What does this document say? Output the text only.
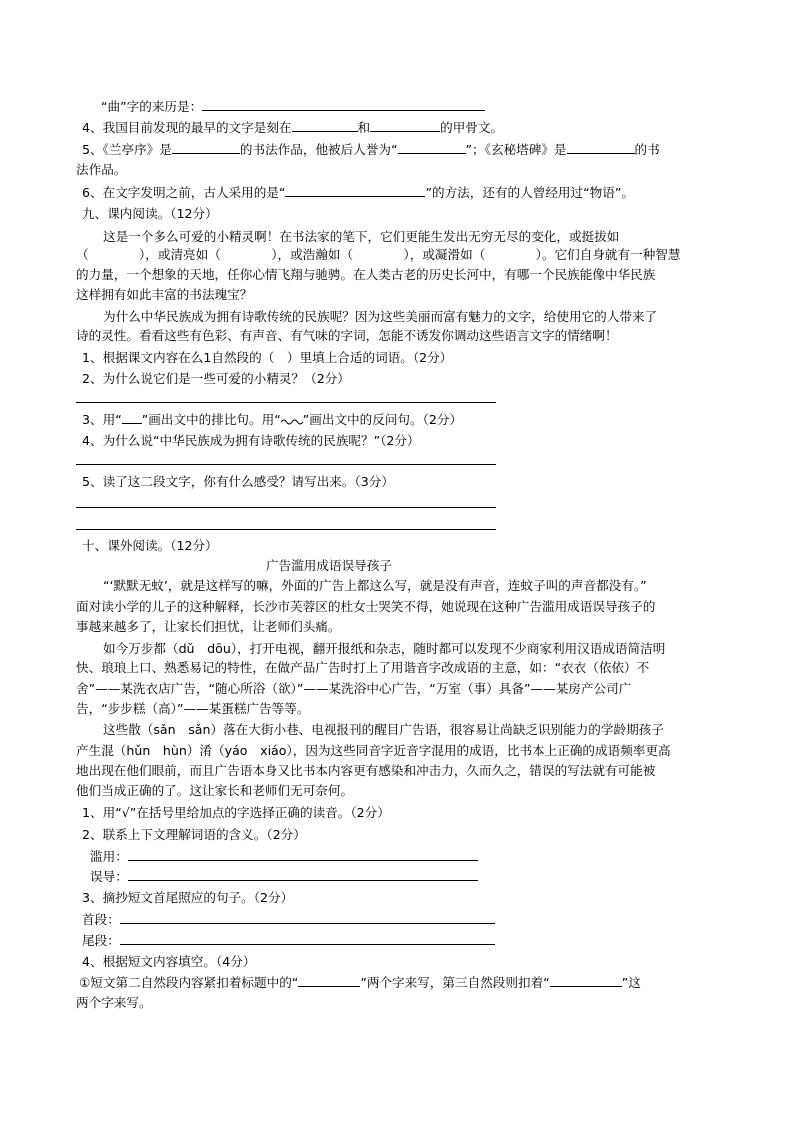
“曲”字的来历是：
4、我国目前发现的最早的文字是刻在	和	的甲骨文。
5、《兰亭序》是	的书法作品，他被后人誉为“	”；《玄秘塔碑》是	的书
法作品。
6、在文字发明之前，古人采用的是“	”的方法，还有的人曾经用过“物语”。
九、课内阅读。（12分）
这是一个多么可爱的小精灵啊！在书法家的笔下，它们更能生发出无穷无尽的变化，或挺拔如
（　　　　），或清亮如（　　　　），或浩瀚如（　　　　），或凝滑如（　　　　）。它们自身就有一种智慧
的力量，一个想象的天地，任你心情飞翔与驰骋。在人类古老的历史长河中，有哪一个民族能像中华民族
这样拥有如此丰富的书法瑰宝？
为什么中华民族成为拥有诗歌传统的民族呢？因为这些美丽而富有魅力的文字，给使用它的人带来了
诗的灵性。看看这些有色彩、有声音、有气味的字词，怎能不诱发你调动这些语言文字的情绪啊！
1、根据课文内容在么1自然段的（　）里填上合适的词语。（2分）
2、为什么说它们是一些可爱的小精灵？（2分）
3、用“ ”画出文中的排比句。用“ ”画出文中的反问句。（2分）
4、为什么说“中华民族成为拥有诗歌传统的民族呢？”（2分）
5、读了这二段文字，你有什么感受？请写出来。（3分）
十、课外阅读。（12分）
广告滥用成语误导孩子
“‘默默无蚊’，就是这样写的嘛，外面的广告上都这么写，就是没有声音，连蚊子叫的声音都没有。”
面对读小学的儿子的这种解释，长沙市芙蓉区的杜女士哭笑不得，她说现在这种广告滥用成语误导孩子的
事越来越多了，让家长们担忧，让老师们头痛。
如今万步都（dǔ　dōu），打开电视，翻开报纸和杂志，随时都可以发现不少商家利用汉语成语简洁明
快、琅琅上口、熟悉易记的特性，在做产品广告时打上了用谐音字改成语的主意，如：“衣衣（依依）不
舍”——某洗衣店广告，“随心所浴（欲）”——某洗浴中心广告，“万室（事）具备”——某房产公司广
告，“步步糕（高）”——某蛋糕广告等等。
这些散（sǎn　sǎn）落在大街小巷、电视报刊的醒目广告语，很容易让尚缺乏识别能力的学龄期孩子
产生混（hǔn　hùn）淆（yáo　xiáo），因为这些同音字近音字混用的成语，比书本上正确的成语频率更高
地出现在他们眼前，而且广告语本身又比书本内容更有感染和冲击力，久而久之，错误的写法就有可能被
他们当成正确的了。这让家长和老师们无可奈何。
1、用“√”在括号里给加点的字选择正确的读音。（2分）
2、联系上下文理解词语的含义。（2分）
滥用：
误导：
3、摘抄短文首尾照应的句子。（2分）
首段：
尾段：
4、根据短文内容填空。（4分）
①短文第二自然段内容紧扣着标题中的“	”两个字来写，第三自然段则扣着“	”这
两个字来写。
